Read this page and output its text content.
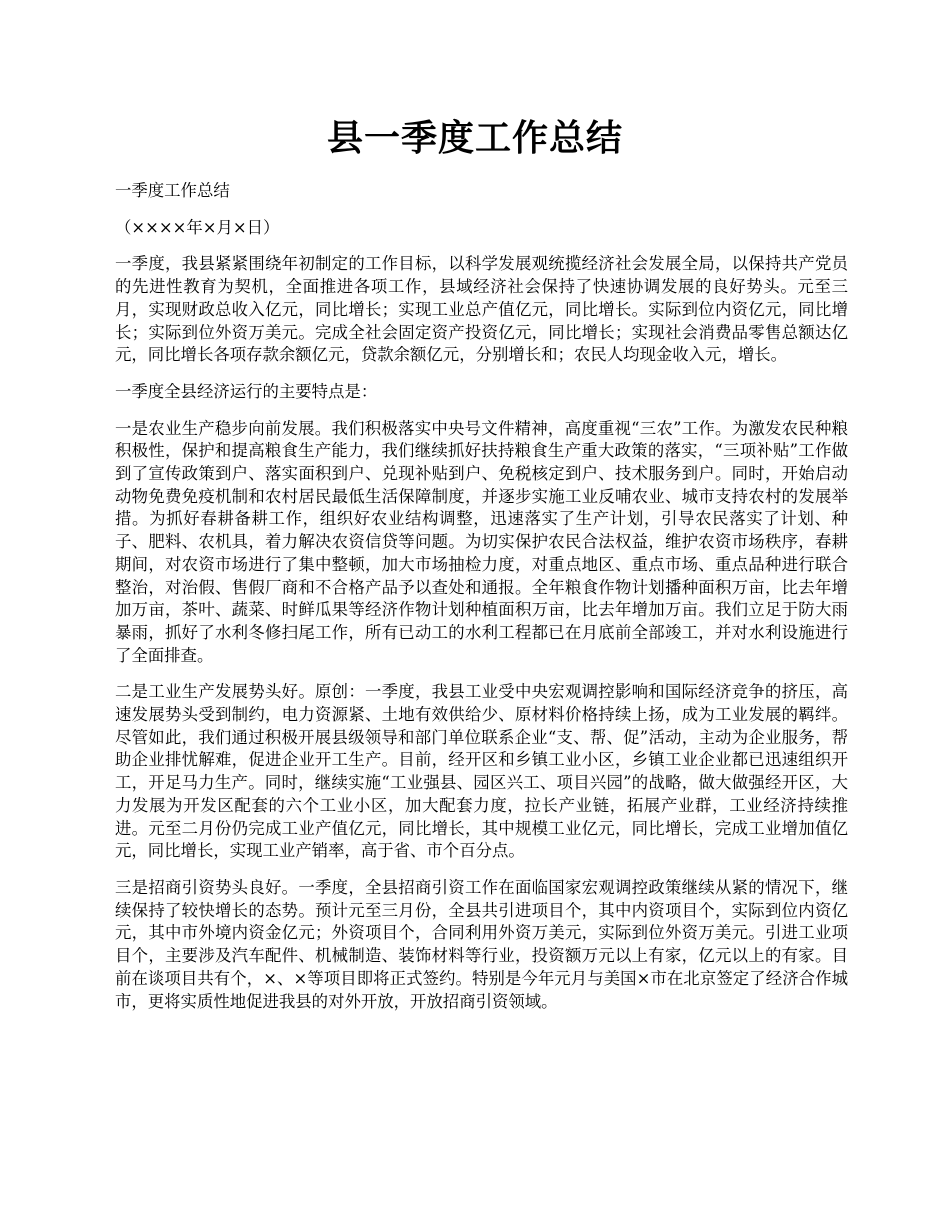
县一季度工作总结

一季度工作总结

（××××年×月×日）

一季度，我县紧紧围绕年初制定的工作目标，以科学发展观统揽经济社会发展全局，以保持共产党员的先进性教育为契机，全面推进各项工作，县域经济社会保持了快速协调发展的良好势头。元至三月，实现财政总收入亿元，同比增长；实现工业总产值亿元，同比增长。实际到位内资亿元，同比增长；实际到位外资万美元。完成全社会固定资产投资亿元，同比增长；实现社会消费品零售总额达亿元，同比增长各项存款余额亿元，贷款余额亿元，分别增长和；农民人均现金收入元，增长。

一季度全县经济运行的主要特点是：

一是农业生产稳步向前发展。我们积极落实中央号文件精神，高度重视“三农”工作。为激发农民种粮积极性，保护和提高粮食生产能力，我们继续抓好扶持粮食生产重大政策的落实，“三项补贴”工作做到了宣传政策到户、落实面积到户、兑现补贴到户、免税核定到户、技术服务到户。同时，开始启动动物免费免疫机制和农村居民最低生活保障制度，并逐步实施工业反哺农业、城市支持农村的发展举措。为抓好春耕备耕工作，组织好农业结构调整，迅速落实了生产计划，引导农民落实了计划、种子、肥料、农机具，着力解决农资信贷等问题。为切实保护农民合法权益，维护农资市场秩序，春耕期间，对农资市场进行了集中整顿，加大市场抽检力度，对重点地区、重点市场、重点品种进行联合整治，对治假、售假厂商和不合格产品予以查处和通报。全年粮食作物计划播种面积万亩，比去年增加万亩，茶叶、蔬菜、时鲜瓜果等经济作物计划种植面积万亩，比去年增加万亩。我们立足于防大雨暴雨，抓好了水利冬修扫尾工作，所有已动工的水利工程都已在月底前全部竣工，并对水利设施进行了全面排查。

二是工业生产发展势头好。原创：一季度，我县工业受中央宏观调控影响和国际经济竞争的挤压，高速发展势头受到制约，电力资源紧、土地有效供给少、原材料价格持续上扬，成为工业发展的羁绊。尽管如此，我们通过积极开展县级领导和部门单位联系企业“支、帮、促”活动，主动为企业服务，帮助企业排忧解难，促进企业开工生产。目前，经开区和乡镇工业小区，乡镇工业企业都已迅速组织开工，开足马力生产。同时，继续实施“工业强县、园区兴工、项目兴园”的战略，做大做强经开区，大力发展为开发区配套的六个工业小区，加大配套力度，拉长产业链，拓展产业群，工业经济持续推进。元至二月份仍完成工业产值亿元，同比增长，其中规模工业亿元，同比增长，完成工业增加值亿元，同比增长，实现工业产销率，高于省、市个百分点。

三是招商引资势头良好。一季度，全县招商引资工作在面临国家宏观调控政策继续从紧的情况下，继续保持了较快增长的态势。预计元至三月份，全县共引进项目个，其中内资项目个，实际到位内资亿元，其中市外境内资金亿元；外资项目个，合同利用外资万美元，实际到位外资万美元。引进工业项目个，主要涉及汽车配件、机械制造、装饰材料等行业，投资额万元以上有家，亿元以上的有家。目前在谈项目共有个，×、×等项目即将正式签约。特别是今年元月与美国×市在北京签定了经济合作城市，更将实质性地促进我县的对外开放，开放招商引资领域。
